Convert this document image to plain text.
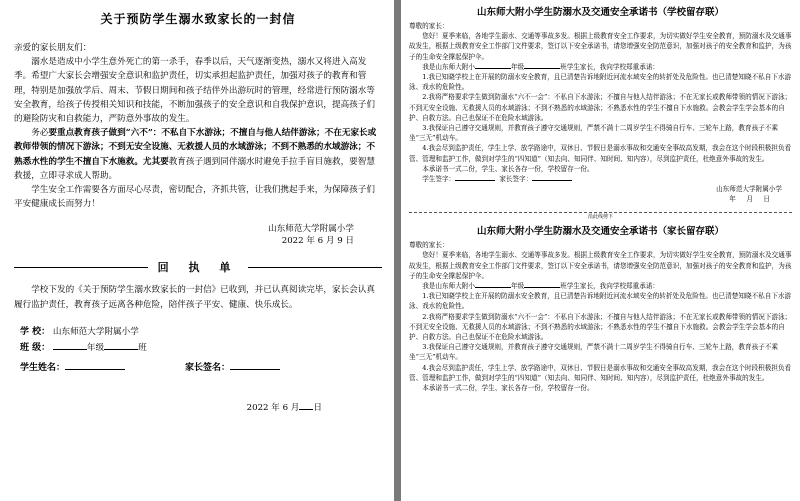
关于预防学生溺水致家长的一封信

亲爱的家长朋友们：

溺水是造成中小学生意外死亡的第一杀手，春季以后，天气逐渐变热，溺水又将进入高发季。希望广大家长会增强安全意识和监护责任，切实承担起监护责任，加强对孩子的教育和管理，特别是加强放学后、周末、节假日期间和孩子结伴外出游玩时的管理，经常进行预防溺水等安全教育，给孩子传授相关知识和技能，不断加强孩子的安全意识和自我保护意识，提高孩子们的避险防灾和自救能力，严防意外事故的发生。

务必要重点教育孩子做到“六不”：不私自下水游泳；不擅自与他人结伴游泳；不在无家长或教师带领的情况下游泳；不到无安全设施、无救援人员的水域游泳；不到不熟悉的水域游泳；不熟悉水性的学生不擅自下水施救。尤其要教育孩子遇到同伴溺水时避免手拉手盲目施救，要智慧救援，立即寻求成人帮助。

学生安全工作需要各方面尽心尽责，密切配合，齐抓共管，让我们携起手来，为保障孩子们平安健康成长而努力！

山东师范大学附属小学

2022 年 6 月 9 日

回 执 单

学校下发的《关于预防学生溺水致家长的一封信》已收到，并已认真阅读完毕，家长会认真履行监护责任，教育孩子远离各种危险，陪伴孩子平安、健康、快乐成长。

学 校： 山东师范大学附属小学

班 级：	年级	班

学生姓名：	家长签名：

2022 年 6 月 日

山东师大附小学生防溺水及交通安全承诺书（学校留存联）

尊敬的家长：

您好！夏季来临，各地学生溺水、交通等事故多发。根据上级教育安全工作要求，为切实做好学生安全教育，预防溺水及交通事故发生，根据上级教育安全工作部门文件要求，签订以下安全承诺书，请您增强安全防范意识，加强对孩子的安全教育和监护，为孩子的生命安全撑起保护伞。

我是山东师大附小	年级	班学生家长，我向学校郑重承诺：

1.我已知晓学校上在开展的防溺水安全教育，且已清楚告诉地附近河流水域安全的转折处及危险性。也已清楚知晓不私自下水游泳、戏水的危险性。

2.我将严格要求学生做到防溺水“六不一会”：不私自下水游泳；不擅自与他人结伴游泳；不在无家长或教师带领的情况下游泳；不到无安全设施、无救援人员的水域游泳；不到不熟悉的水域游泳；不熟悉水性的学生不擅自下水施救。会教会学生学会基本的自护、自救方法。自己也保证不在危险水域游泳。

3.我保证自己遵守交通规则，并教育孩子遵守交通规则，严禁不满十二周岁学生不得骑自行车、三轮车上路，教育孩子不乘坐“三无”机动车。

4.我会尽到监护责任，学生上学、放学路途中，双休日、节假日是溺水事故和交通安全事故高发期，我会在这个时段积极担负看管、管理和监护工作，做到对学生的“四知道”（知去向、知同伴、知时间、知内容），尽到监护责任，杜绝意外事故的发生。

本承诺书一式二份，学生、家长各存一份，学校留存一份。

学生签字：	家长签字：

山东师范大学附属小学

年 月 日

沿此线剪下
山东师大附小学生防溺水及交通安全承诺书（家长留存联）

尊敬的家长：

您好！夏季来临，各地学生溺水、交通等事故多发。根据上级教育安全工作要求，为切实做好学生安全教育，预防溺水及交通事故发生，根据上级教育安全工作部门文件要求，签订以下安全承诺书，请您增强安全防范意识，加强对孩子的安全教育和监护，为孩子的生命安全撑起保护伞。

我是山东师大附小	年级	班学生家长，我向学校郑重承诺：

1.我已知晓学校上在开展的防溺水安全教育，且已清楚告诉地附近河流水域安全的转折处及危险性。也已清楚知晓不私自下水游泳、戏水的危险性。

2.我将严格要求学生做到防溺水“六不一会”：不私自下水游泳；不擅自与他人结伴游泳；不在无家长或教师带领的情况下游泳；不到无安全设施、无救援人员的水域游泳；不到不熟悉的水域游泳；不熟悉水性的学生不擅自下水施救。会教会学生学会基本的自护、自救方法。自己也保证不在危险水域游泳。

3.我保证自己遵守交通规则，并教育孩子遵守交通规则，严禁不满十二周岁学生不得骑自行车、三轮车上路，教育孩子不乘坐“三无”机动车。

4.我会尽到监护责任，学生上学、放学路途中，双休日、节假日是溺水事故和交通安全事故高发期，我会在这个时段积极担负看管、管理和监护工作，做到对学生的“四知道”（知去向、知同伴、知时间、知内容），尽到监护责任，杜绝意外事故的发生。

本承诺书一式二份，学生、家长各存一份，学校留存一份。
